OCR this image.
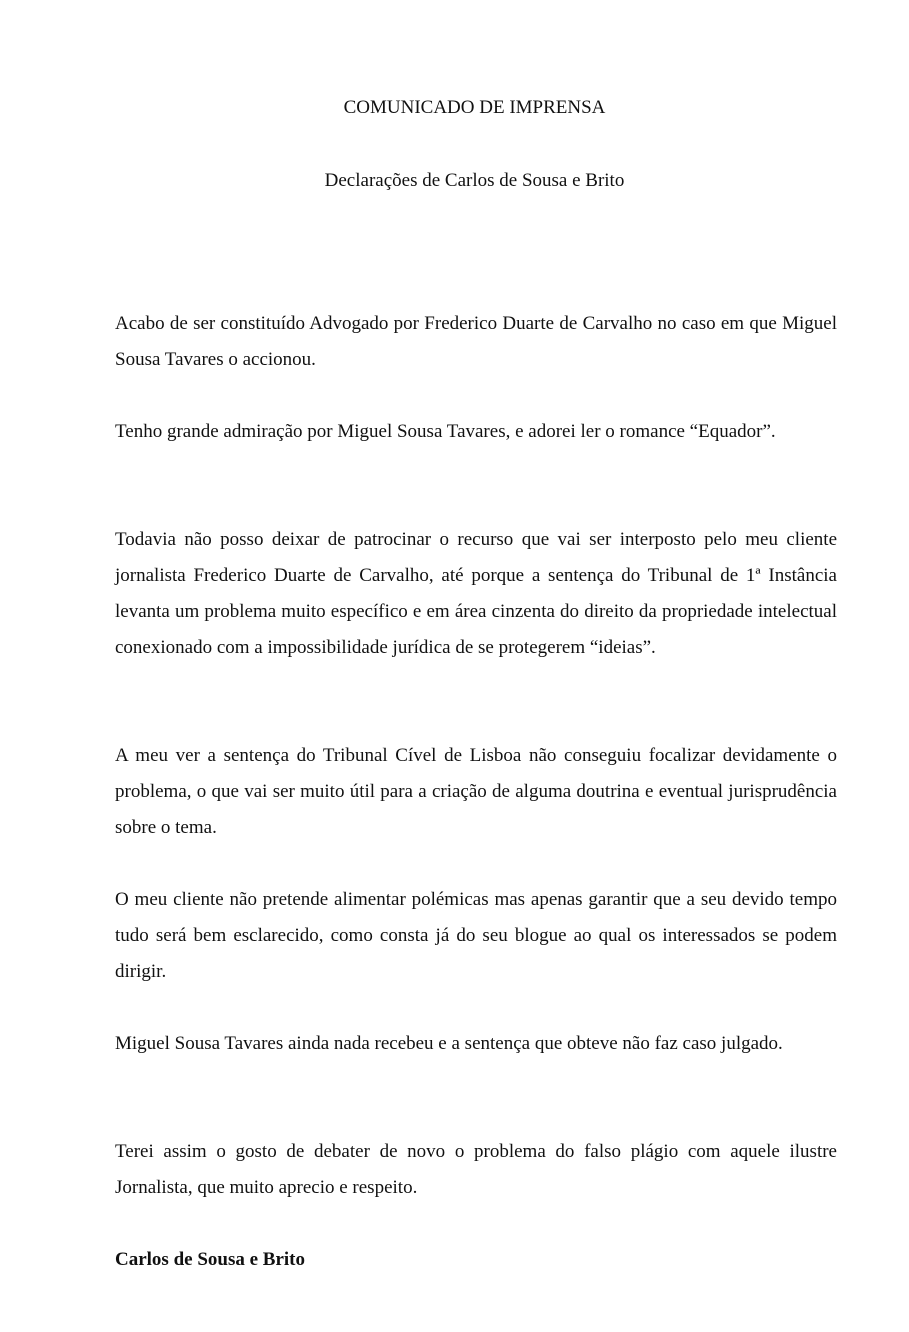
COMUNICADO DE IMPRENSA
Declarações de Carlos de Sousa e Brito

Acabo de ser constituído Advogado por Frederico Duarte de Carvalho no caso em que Miguel Sousa Tavares o accionou.

Tenho grande admiração por Miguel Sousa Tavares, e adorei ler o romance “Equador”.

Todavia não posso deixar de patrocinar o recurso que vai ser interposto pelo meu cliente jornalista Frederico Duarte de Carvalho, até porque a sentença do Tribunal de 1ª Instância levanta um problema muito específico e em área cinzenta do direito da propriedade intelectual conexionado com a impossibilidade jurídica de se protegerem “ideias”.

A meu ver a sentença do Tribunal Cível de Lisboa não conseguiu focalizar devidamente o problema, o que vai ser muito útil para a criação de alguma doutrina e eventual jurisprudência sobre o tema.

O meu cliente não pretende alimentar polémicas mas apenas garantir que a seu devido tempo tudo será bem esclarecido, como consta já do seu blogue ao qual os interessados se podem dirigir.

Miguel Sousa Tavares ainda nada recebeu e a sentença que obteve não faz caso julgado.

Terei assim o gosto de debater de novo o problema do falso plágio com aquele ilustre Jornalista, que muito aprecio e respeito.

Carlos de Sousa e Brito
